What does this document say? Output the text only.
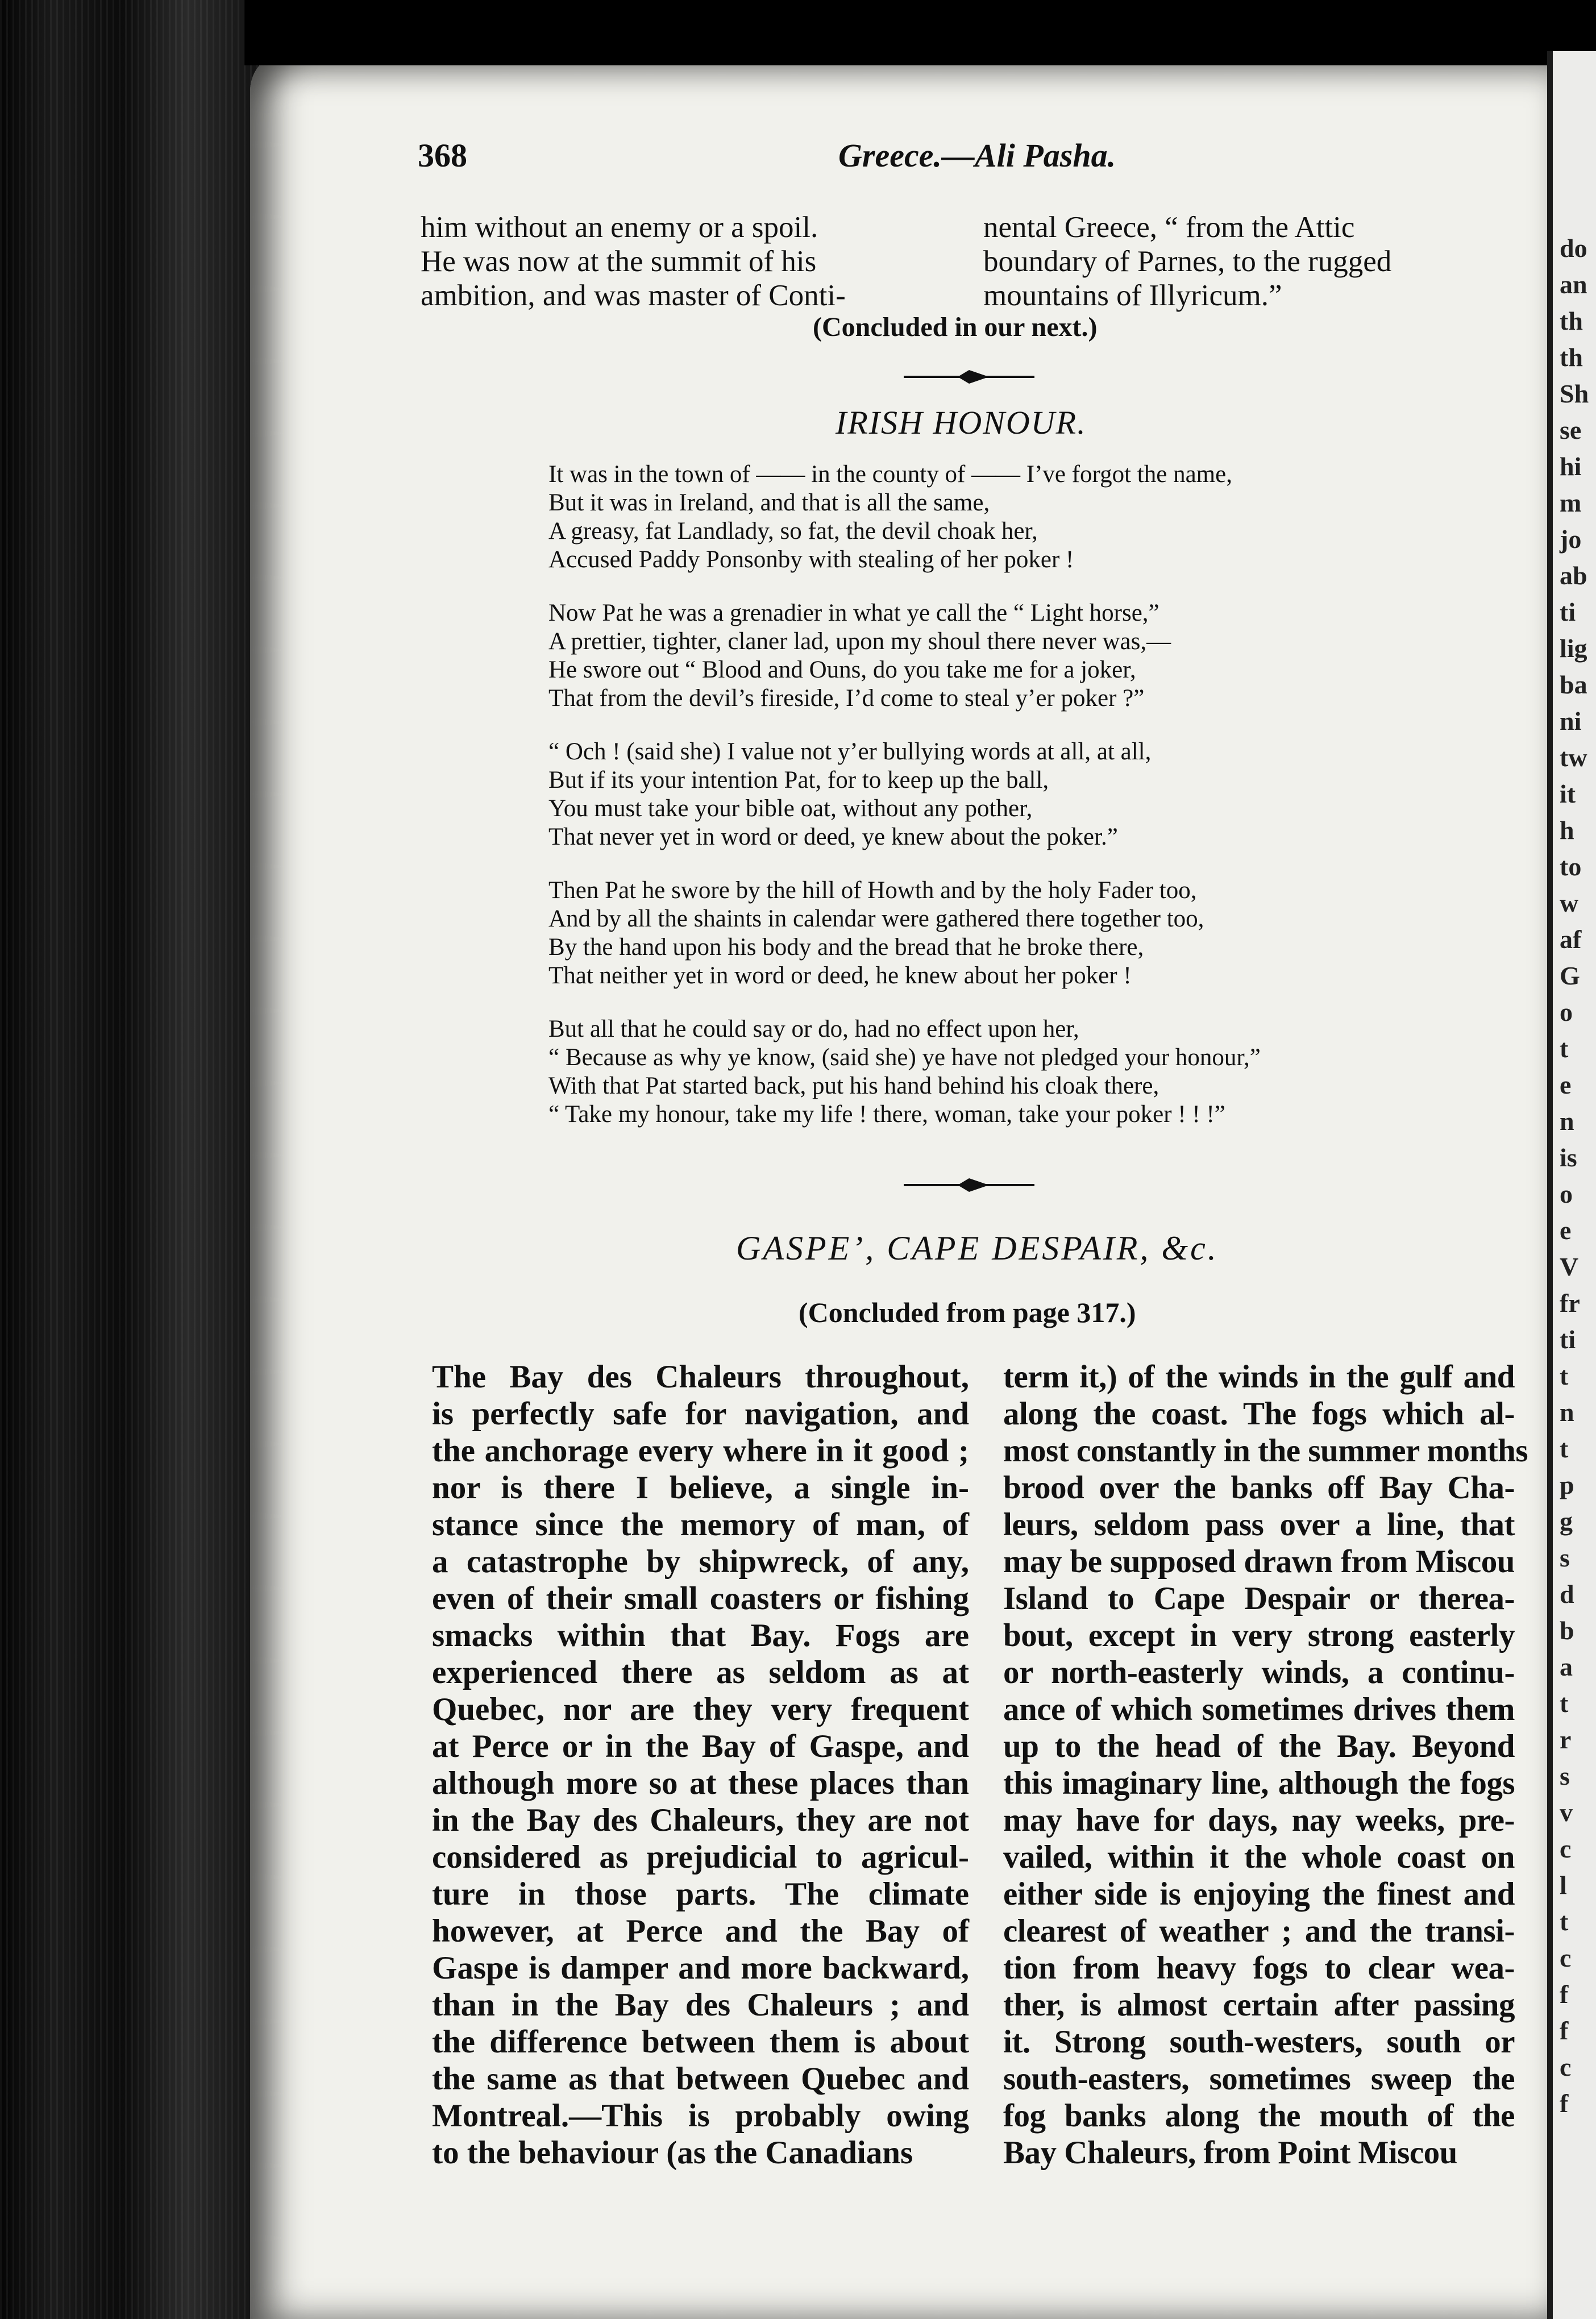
do
an
th
th
Sh
se
hi
m
jo
ab
ti
lig
ba
ni
tw
it
h
to
w
af
G
o
t
e
n
is
o
e
V
fr
ti
t
n
t
p
g
s
d
b
a
t
r
s
v
c
l
t
c
f
f
c
f
368	Greece.—Ali Pasha.
him without an enemy or a spoil.
He was now at the summit of his
ambition, and was master of Conti-
nental Greece, “ from the Attic
boundary of Parnes, to the rugged
mountains of Illyricum.”
(Concluded in our next.)
IRISH HONOUR.
It was in the town of —— in the county of —— I’ve forgot the name,
But it was in Ireland, and that is all the same,
A greasy, fat Landlady, so fat, the devil choak her,
Accused Paddy Ponsonby with stealing of her poker !
Now Pat he was a grenadier in what ye call the “ Light horse,”
A prettier, tighter, claner lad, upon my shoul there never was,—
He swore out “ Blood and Ouns, do you take me for a joker,
That from the devil’s fireside, I’d come to steal y’er poker ?”
“ Och ! (said she) I value not y’er bullying words at all, at all,
But if its your intention Pat, for to keep up the ball,
You must take your bible oat, without any pother,
That never yet in word or deed, ye knew about the poker.”
Then Pat he swore by the hill of Howth and by the holy Fader too,
And by all the shaints in calendar were gathered there together too,
By the hand upon his body and the bread that he broke there,
That neither yet in word or deed, he knew about her poker !
But all that he could say or do, had no effect upon her,
“ Because as why ye know, (said she) ye have not pledged your honour,”
With that Pat started back, put his hand behind his cloak there,
“ Take my honour, take my life ! there, woman, take your poker ! ! !”
GASPE’, CAPE DESPAIR, &c.
(Concluded from page 317.)
The Bay des Chaleurs throughout,
is perfectly safe for navigation, and
the anchorage every where in it good ;
nor is there I believe, a single in-
stance since the memory of man, of
a catastrophe by shipwreck, of any,
even of their small coasters or fishing
smacks within that Bay. Fogs are
experienced there as seldom as at
Quebec, nor are they very frequent
at Perce or in the Bay of Gaspe, and
although more so at these places than
in the Bay des Chaleurs, they are not
considered as prejudicial to agricul-
ture in those parts. The climate
however, at Perce and the Bay of
Gaspe is damper and more backward,
than in the Bay des Chaleurs ; and
the difference between them is about
the same as that between Quebec and
Montreal.—This is probably owing
to the behaviour (as the Canadians
term it,) of the winds in the gulf and
along the coast. The fogs which al-
most constantly in the summer months
brood over the banks off Bay Cha-
leurs, seldom pass over a line, that
may be supposed drawn from Miscou
Island to Cape Despair or therea-
bout, except in very strong easterly
or north-easterly winds, a continu-
ance of which sometimes drives them
up to the head of the Bay. Beyond
this imaginary line, although the fogs
may have for days, nay weeks, pre-
vailed, within it the whole coast on
either side is enjoying the finest and
clearest of weather ; and the transi-
tion from heavy fogs to clear wea-
ther, is almost certain after passing
it. Strong south-westers, south or
south-easters, sometimes sweep the
fog banks along the mouth of the
Bay Chaleurs, from Point Miscou
